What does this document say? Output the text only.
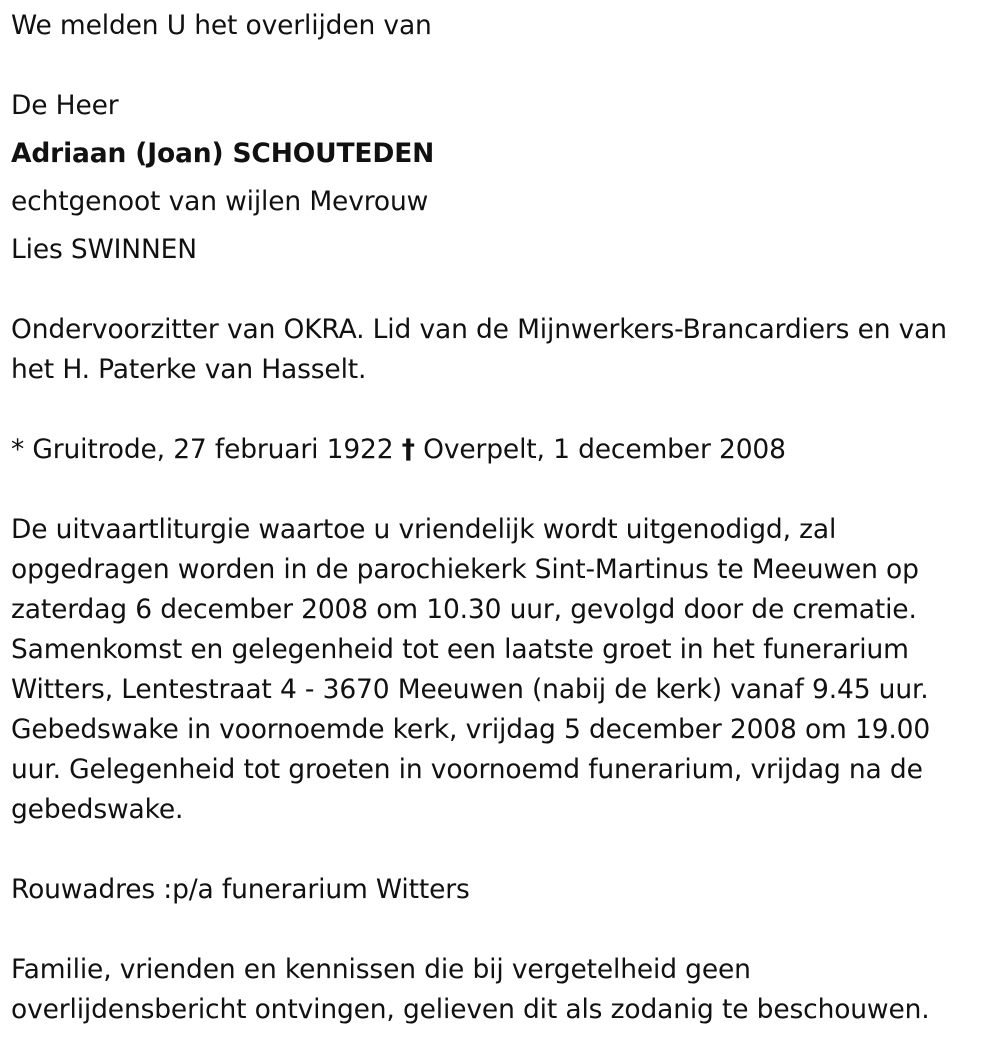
We melden U het overlijden van
De Heer
Adriaan (Joan) SCHOUTEDEN
echtgenoot van wijlen Mevrouw
Lies SWINNEN
Ondervoorzitter van OKRA. Lid van de Mijnwerkers-Brancardiers en van
het H. Paterke van Hasselt.
* Gruitrode, 27 februari 1922 † Overpelt, 1 december 2008
De uitvaartliturgie waartoe u vriendelijk wordt uitgenodigd, zal
opgedragen worden in de parochiekerk Sint-Martinus te Meeuwen op
zaterdag 6 december 2008 om 10.30 uur, gevolgd door de crematie.
Samenkomst en gelegenheid tot een laatste groet in het funerarium
Witters, Lentestraat 4 - 3670 Meeuwen (nabij de kerk) vanaf 9.45 uur.
Gebedswake in voornoemde kerk, vrijdag 5 december 2008 om 19.00
uur. Gelegenheid tot groeten in voornoemd funerarium, vrijdag na de
gebedswake.
Rouwadres :p/a funerarium Witters
Familie, vrienden en kennissen die bij vergetelheid geen
overlijdensbericht ontvingen, gelieven dit als zodanig te beschouwen.
